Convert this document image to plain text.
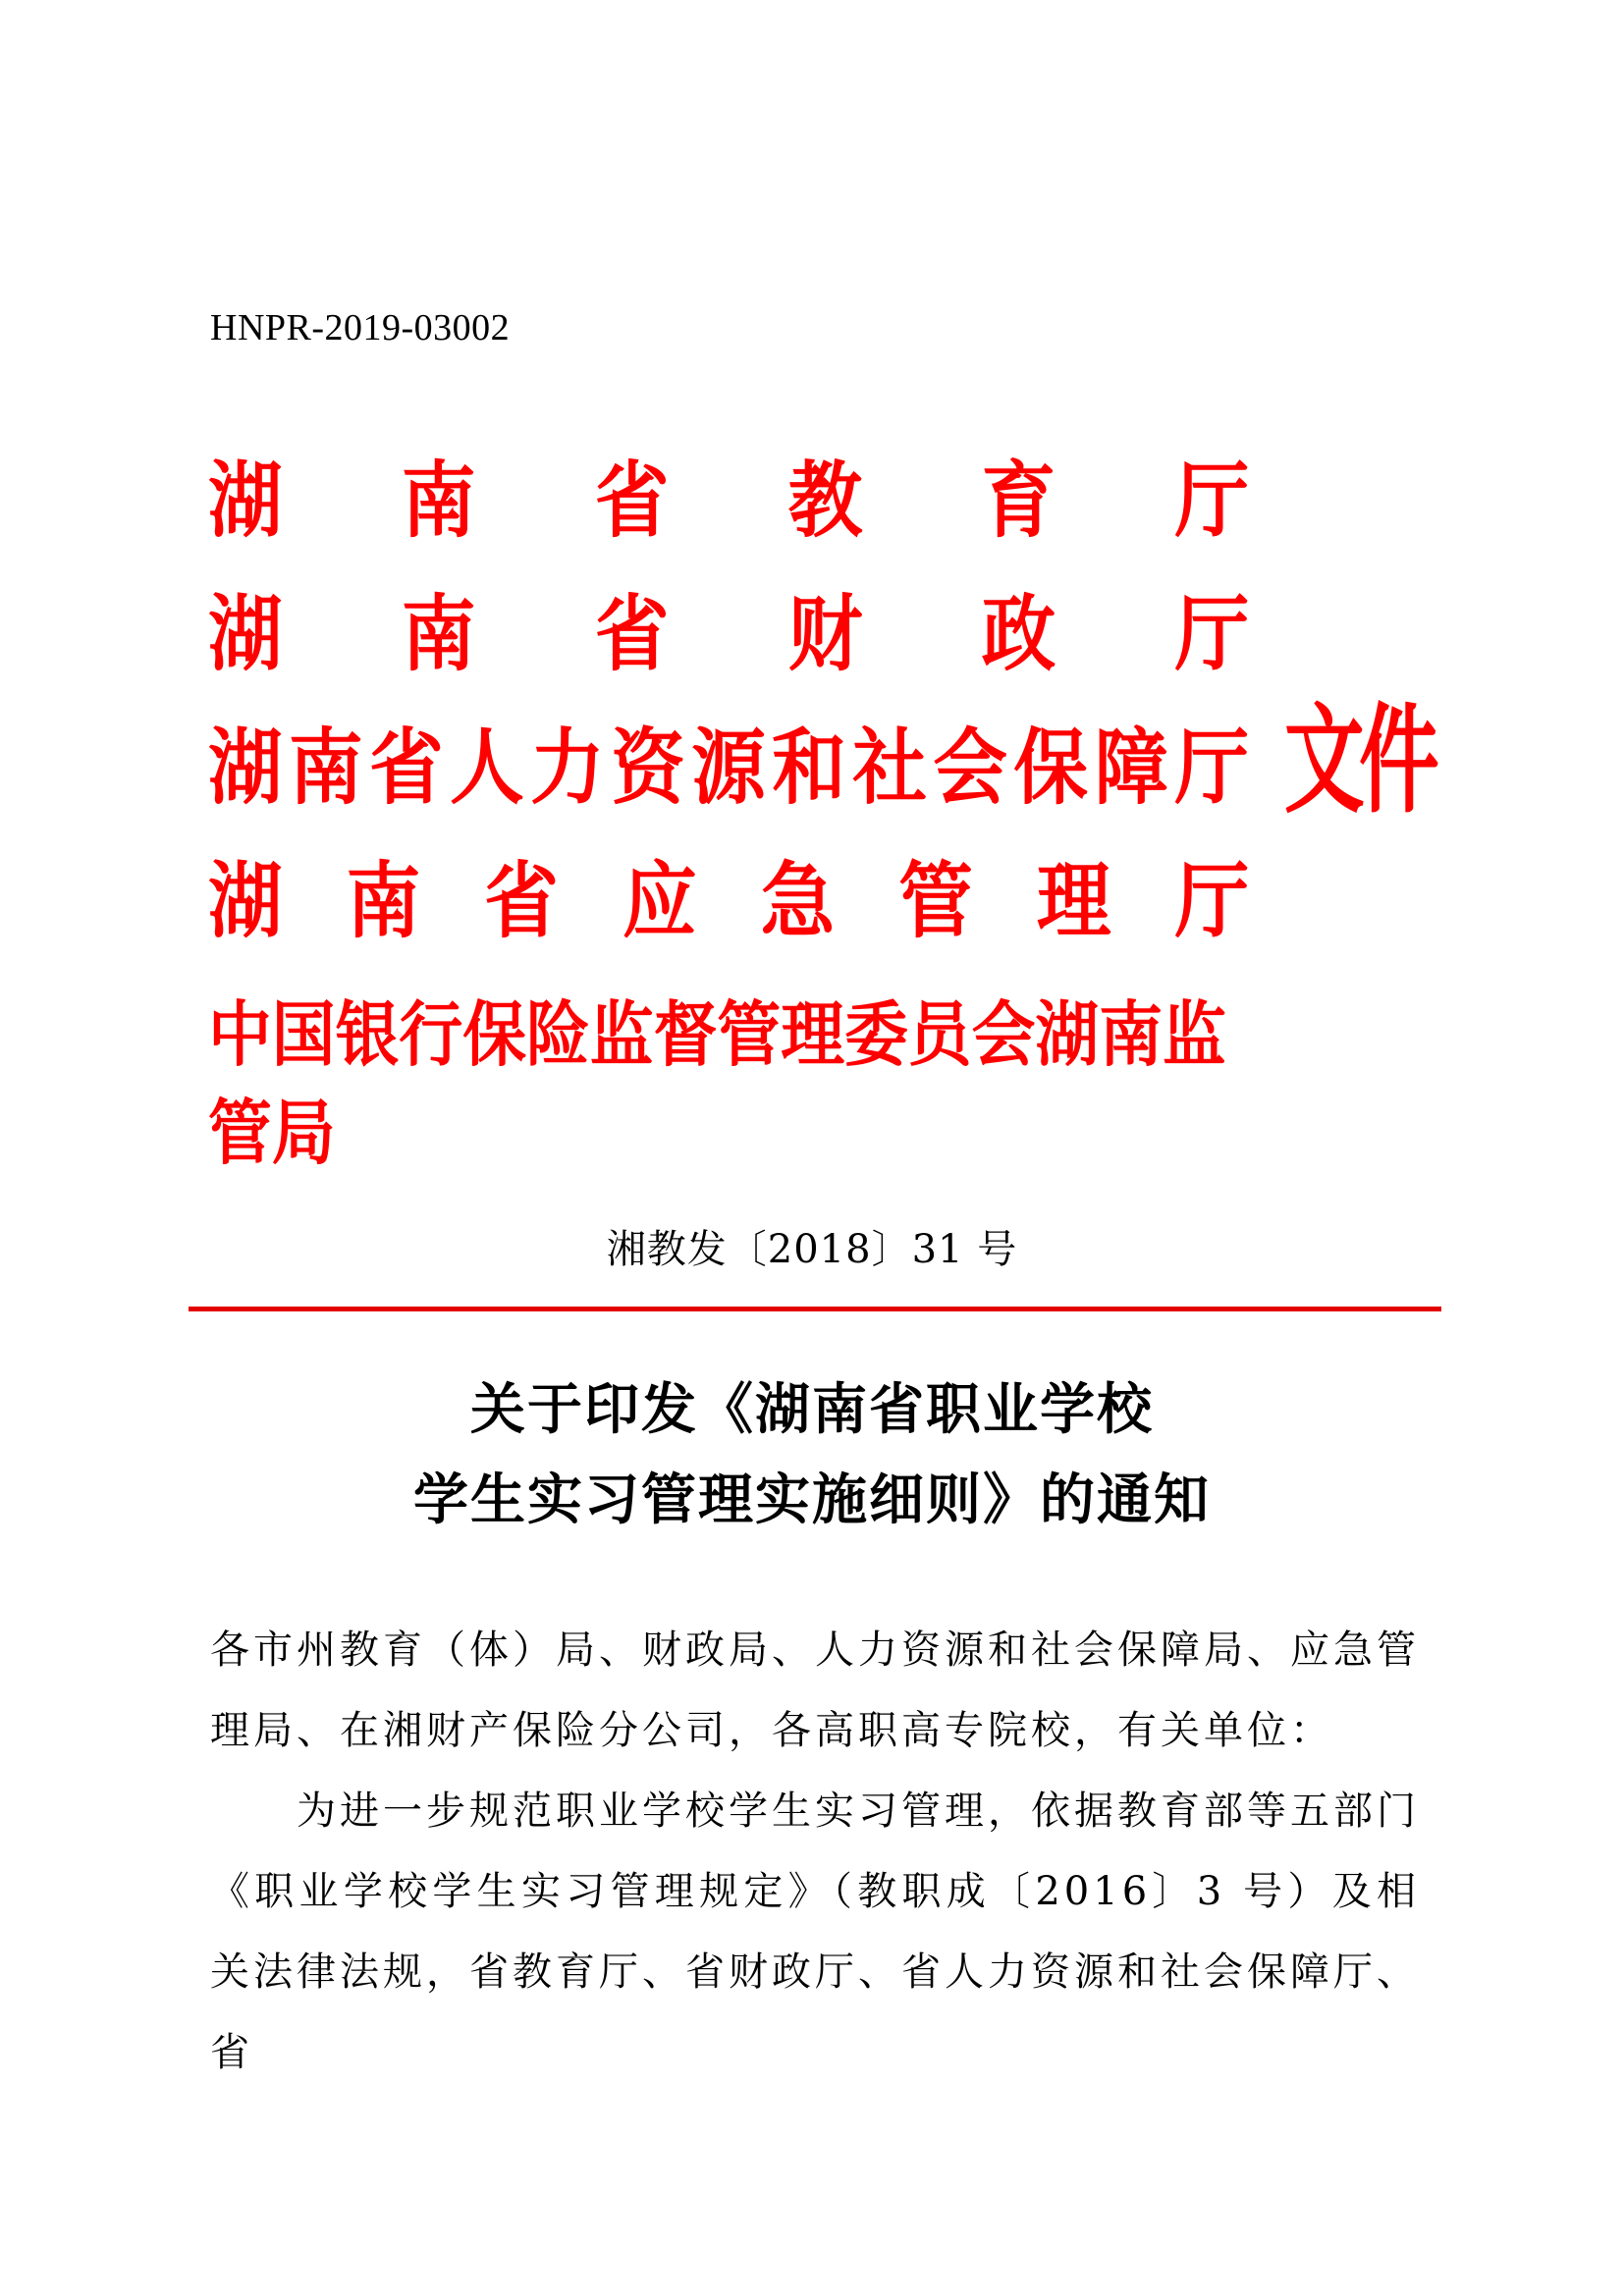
HNPR-2019-03002
湖 南 省 教 育 厅
湖 南 省 财 政 厅
湖 南 省 人 力 资 源 和 社 会 保 障 厅
湖 南 省 应 急 管 理 厅
中国银行保险监督管理委员会湖南监管局
文件
湘教发〔2018〕31 号
关于印发《湖南省职业学校
学生实习管理实施细则》的通知

各市州教育（体）局、财政局、人力资源和社会保障局、应急管理局、在湘财产保险分公司，各高职高专院校，有关单位：

为进一步规范职业学校学生实习管理，依据教育部等五部门《职业学校学生实习管理规定》（教职成〔2016〕3 号）及相关法律法规，省教育厅、省财政厅、省人力资源和社会保障厅、省
